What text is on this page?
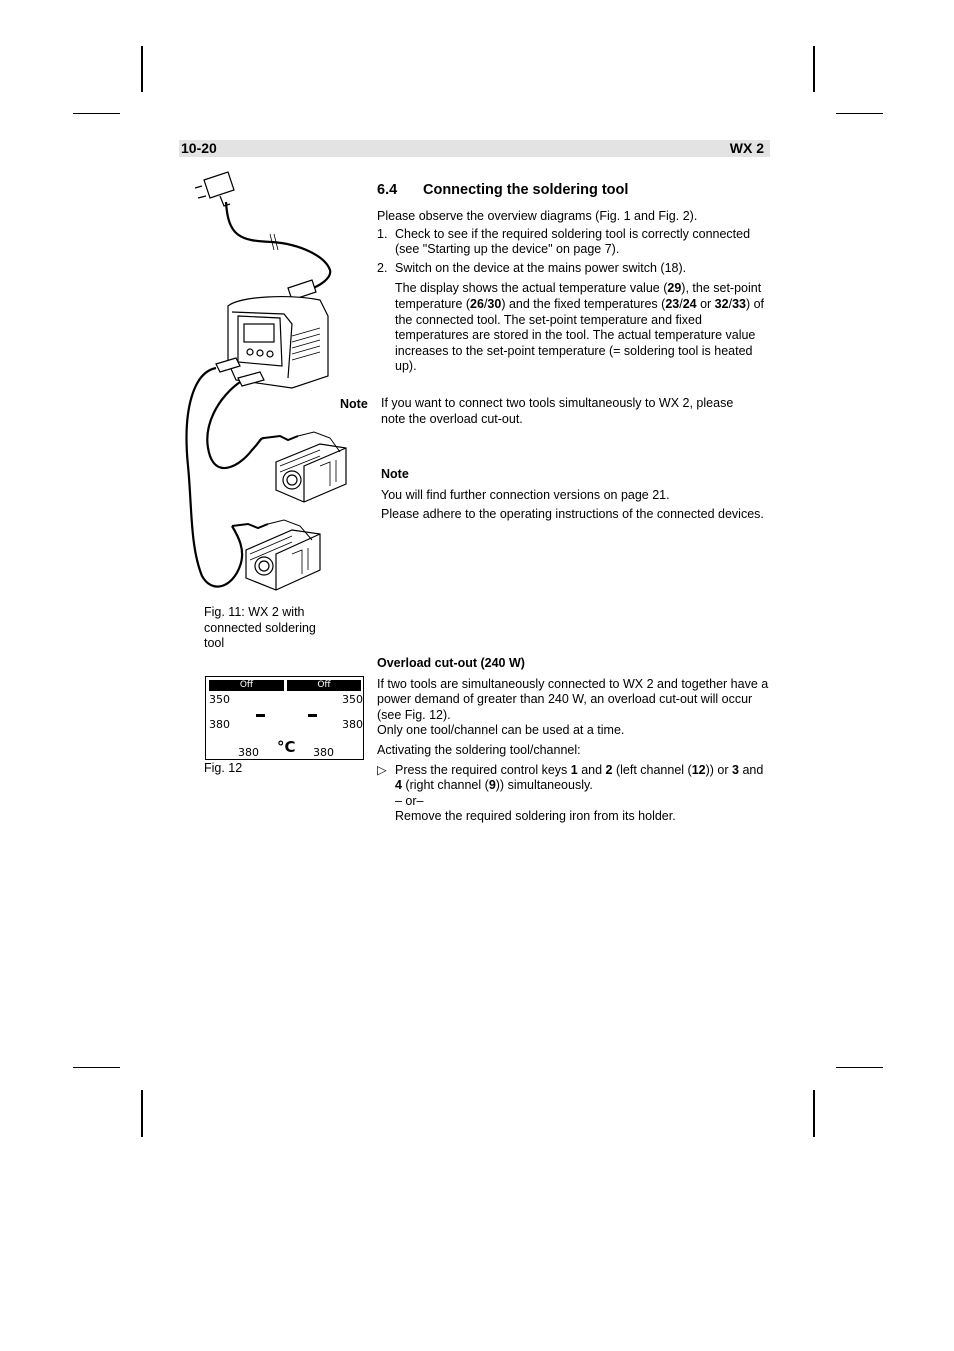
10-20	WX 2
Fig. 11: WX 2 with connected soldering tool
6.4 Connecting the soldering tool

Please observe the overview diagrams (Fig. 1 and Fig. 2).

1. Check to see if the required soldering tool is correctly connected (see "Starting up the device" on page 7).
2. Switch on the device at the mains power switch (18).
The display shows the actual temperature value (29), the set-point temperature (26/30) and the fixed temperatures (23/24 or 32/33) of the connected tool. The set-point temperature and fixed temperatures are stored in the tool. The actual temperature value increases to the set-point temperature (= soldering tool is heated up).
Note If you want to connect two tools simultaneously to WX 2, please note the overload cut-out.
Note

You will find further connection versions on page 21.

Please adhere to the operating instructions of the connected devices.

Overload cut-out (240 W)

If two tools are simultaneously connected to WX 2 and together have a power demand of greater than 240 W, an overload cut-out will occur (see Fig. 12).

Only one tool/channel can be used at a time.

Activating the soldering tool/channel:

▷ Press the required control keys 1 and 2 (left channel (12)) or 3 and 4 (right channel (9)) simultaneously.
– or–
Remove the required soldering iron from its holder.
Off	Off
350	350
380	380
380 °C 380
Fig. 12
